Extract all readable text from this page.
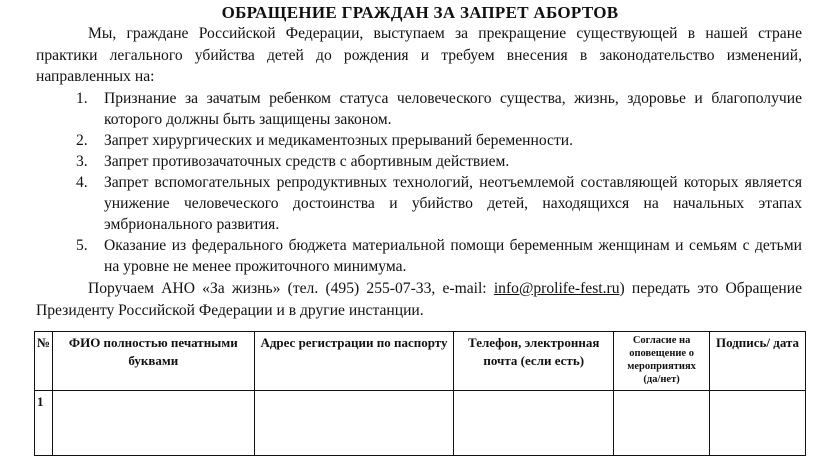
ОБРАЩЕНИЕ ГРАЖДАН ЗА ЗАПРЕТ АБОРТОВ
Мы, граждане Российской Федерации, выступаем за прекращение существующей в нашей стране практики легального убийства детей до рождения и требуем внесения в законодательство изменений, направленных на:
1. Признание за зачатым ребенком статуса человеческого существа, жизнь, здоровье и благополучие которого должны быть защищены законом.
2. Запрет хирургических и медикаментозных прерываний беременности.
3. Запрет противозачаточных средств с абортивным действием.
4. Запрет вспомогательных репродуктивных технологий, неотъемлемой составляющей которых является унижение человеческого достоинства и убийство детей, находящихся на начальных этапах эмбрионального развития.
5. Оказание из федерального бюджета материальной помощи беременным женщинам и семьям с детьми на уровне не менее прожиточного минимума.
Поручаем АНО «За жизнь» (тел. (495) 255-07-33, e-mail: info@prolife-fest.ru) передать это Обращение Президенту Российской Федерации и в другие инстанции.
№	ФИО полностью печатными буквами	Адрес регистрации по паспорту	Телефон, электронная почта (если есть)	Согласие на оповещение о мероприятиях (да/нет)	Подпись/ дата
1					
